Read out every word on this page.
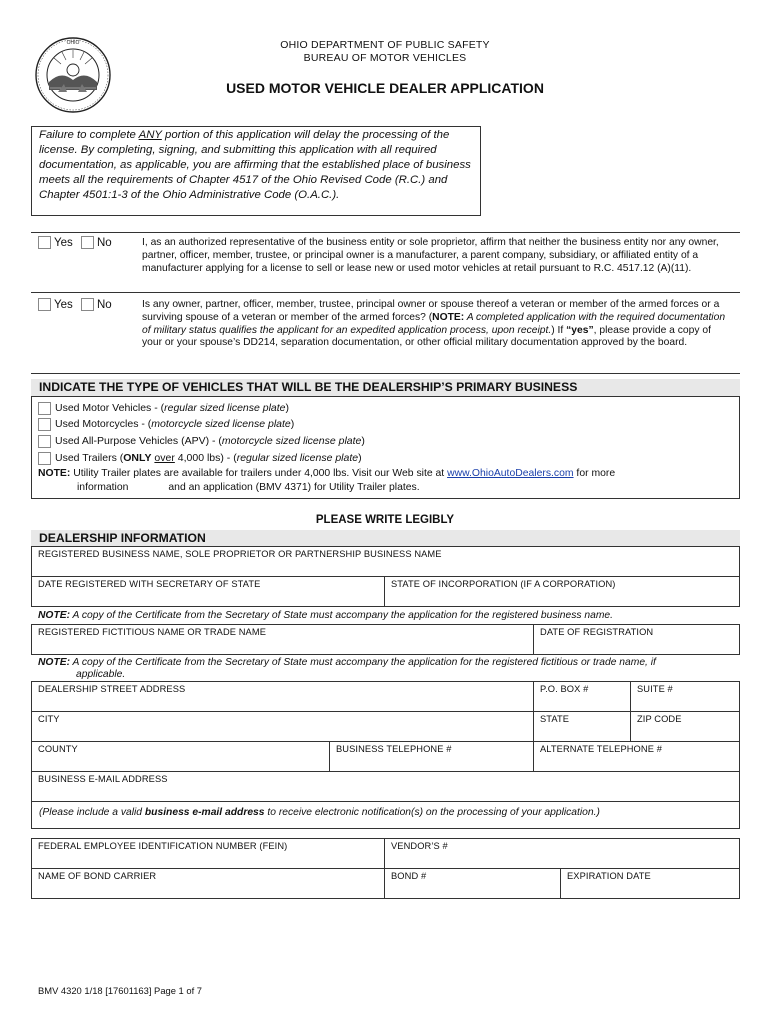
OHIO	OHIO DEPARTMENT OF PUBLIC SAFETY
BUREAU OF MOTOR VEHICLES
USED MOTOR VEHICLE DEALER APPLICATION
Failure to complete ANY portion of this application will delay the processing of the license. By completing, signing, and submitting this application with all required documentation, as applicable, you are affirming that the established place of business meets all the requirements of Chapter 4517 of the Ohio Revised Code (R.C.) and Chapter 4501:1-3 of the Ohio Administrative Code (O.A.C.).
Yes No	I, as an authorized representative of the business entity or sole proprietor, affirm that neither the business entity nor any owner, partner, officer, member, trustee, or principal owner is a manufacturer, a parent company, subsidiary, or affiliated entity of a manufacturer applying for a license to sell or lease new or used motor vehicles at retail pursuant to R.C. 4517.12 (A)(11).
Yes No	Is any owner, partner, officer, member, trustee, principal owner or spouse thereof a veteran or member of the armed forces or a surviving spouse of a veteran or member of the armed forces? (NOTE: A completed application with the required documentation of military status qualifies the applicant for an expedited application process, upon receipt.) If “yes”, please provide a copy of your or your spouse’s DD214, separation documentation, or other official military documentation approved by the board.
INDICATE THE TYPE OF VEHICLES THAT WILL BE THE DEALERSHIP’S PRIMARY BUSINESS
Used Motor Vehicles - (regular sized license plate)
Used Motorcycles - (motorcycle sized license plate)
Used All-Purpose Vehicles (APV) - (motorcycle sized license plate)
Used Trailers (ONLY over 4,000 lbs) - (regular sized license plate)
NOTE: Utility Trailer plates are available for trailers under 4,000 lbs. Visit our Web site at www.OhioAutoDealers.com for more
information	and an application (BMV 4371) for Utility Trailer plates.
PLEASE WRITE LEGIBLY
DEALERSHIP INFORMATION
REGISTERED BUSINESS NAME, SOLE PROPRIETOR OR PARTNERSHIP BUSINESS NAME
DATE REGISTERED WITH SECRETARY OF STATE	STATE OF INCORPORATION (IF A CORPORATION)
NOTE: A copy of the Certificate from the Secretary of State must accompany the application for the registered business name.
REGISTERED FICTITIOUS NAME OR TRADE NAME	DATE OF REGISTRATION
NOTE: A copy of the Certificate from the Secretary of State must accompany the application for the registered fictitious or trade name, if
applicable.
DEALERSHIP STREET ADDRESS	P.O. BOX #	SUITE #
CITY	STATE	ZIP CODE
COUNTY	BUSINESS TELEPHONE #	ALTERNATE TELEPHONE #
BUSINESS E-MAIL ADDRESS
(Please include a valid business e-mail address to receive electronic notification(s) on the processing of your application.)
FEDERAL EMPLOYEE IDENTIFICATION NUMBER (FEIN)	VENDOR’S #
NAME OF BOND CARRIER	BOND #	EXPIRATION DATE
BMV 4320 1/18 [17601163] Page 1 of 7
